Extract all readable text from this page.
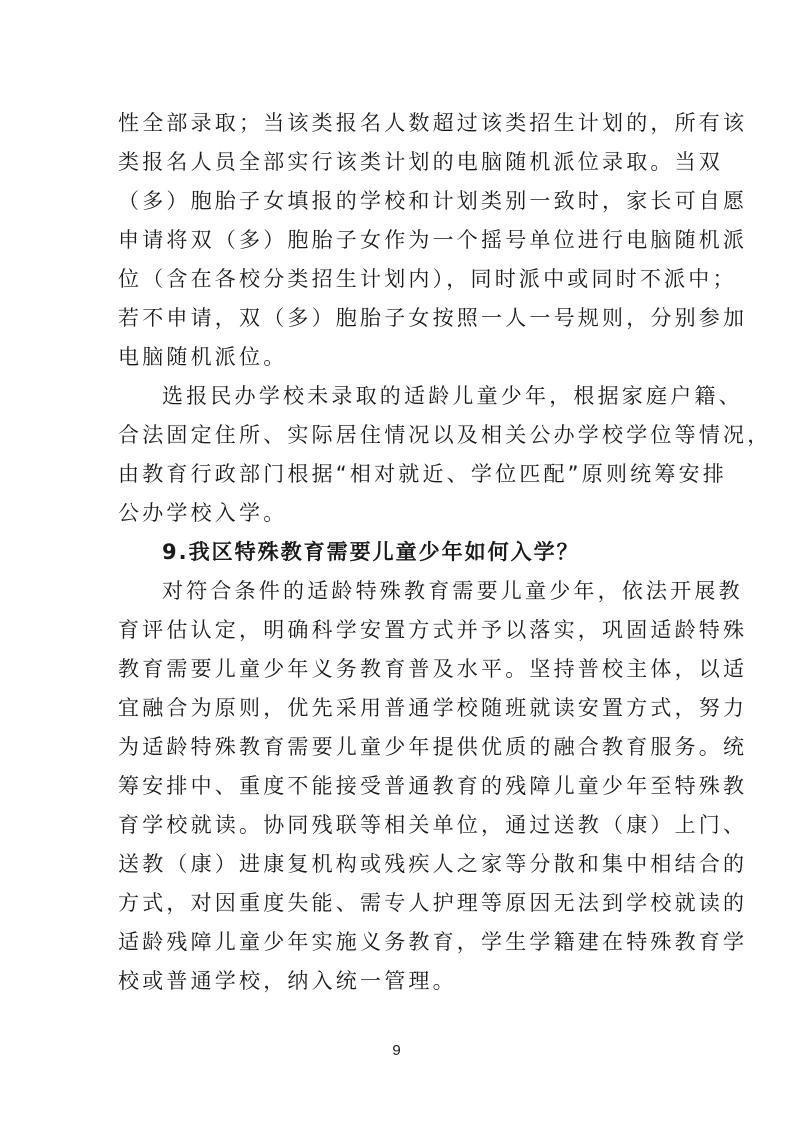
性全部录取；当该类报名人数超过该类招生计划的，所有该
类报名人员全部实行该类计划的电脑随机派位录取。当双
（多）胞胎子女填报的学校和计划类别一致时，家长可自愿
申请将双（多）胞胎子女作为一个摇号单位进行电脑随机派
位（含在各校分类招生计划内），同时派中或同时不派中；
若不申请，双（多）胞胎子女按照一人一号规则，分别参加
电脑随机派位。
选报民办学校未录取的适龄儿童少年，根据家庭户籍、
合法固定住所、实际居住情况以及相关公办学校学位等情况，
由教育行政部门根据“相对就近、学位匹配”原则统筹安排
公办学校入学。
9.我区特殊教育需要儿童少年如何入学？
对符合条件的适龄特殊教育需要儿童少年，依法开展教
育评估认定，明确科学安置方式并予以落实，巩固适龄特殊
教育需要儿童少年义务教育普及水平。坚持普校主体，以适
宜融合为原则，优先采用普通学校随班就读安置方式，努力
为适龄特殊教育需要儿童少年提供优质的融合教育服务。统
筹安排中、重度不能接受普通教育的残障儿童少年至特殊教
育学校就读。协同残联等相关单位，通过送教（康）上门、
送教（康）进康复机构或残疾人之家等分散和集中相结合的
方式，对因重度失能、需专人护理等原因无法到学校就读的
适龄残障儿童少年实施义务教育，学生学籍建在特殊教育学
校或普通学校，纳入统一管理。
9
